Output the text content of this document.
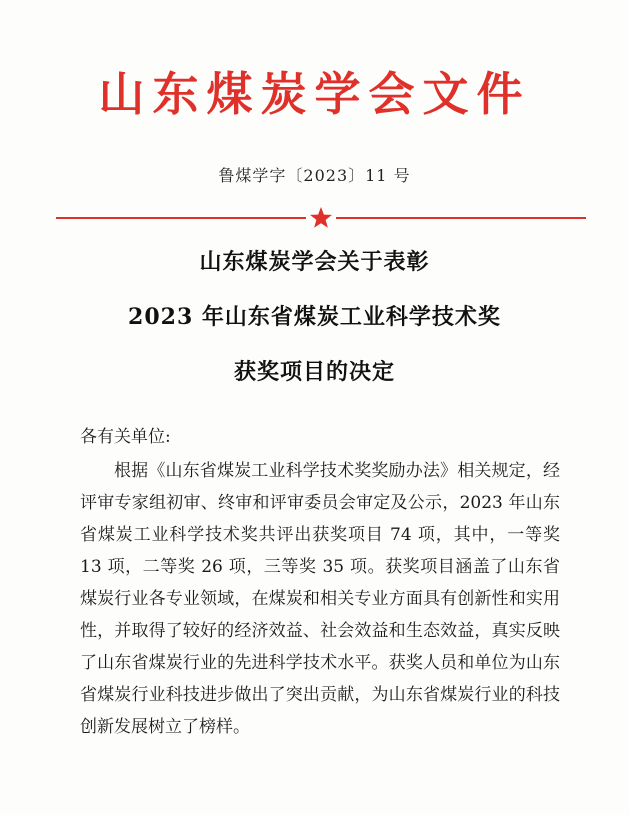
山东煤炭学会文件
鲁煤学字〔2023〕11 号
山东煤炭学会关于表彰
2023 年山东省煤炭工业科学技术奖
获奖项目的决定
各有关单位:

根据《山东省煤炭工业科学技术奖奖励办法》相关规定，经评审专家组初审、终审和评审委员会审定及公示，2023 年山东省煤炭工业科学技术奖共评出获奖项目 74 项，其中，一等奖 13 项，二等奖 26 项，三等奖 35 项。获奖项目涵盖了山东省煤炭行业各专业领域，在煤炭和相关专业方面具有创新性和实用性，并取得了较好的经济效益、社会效益和生态效益，真实反映了山东省煤炭行业的先进科学技术水平。获奖人员和单位为山东省煤炭行业科技进步做出了突出贡献，为山东省煤炭行业的科技创新发展树立了榜样。
